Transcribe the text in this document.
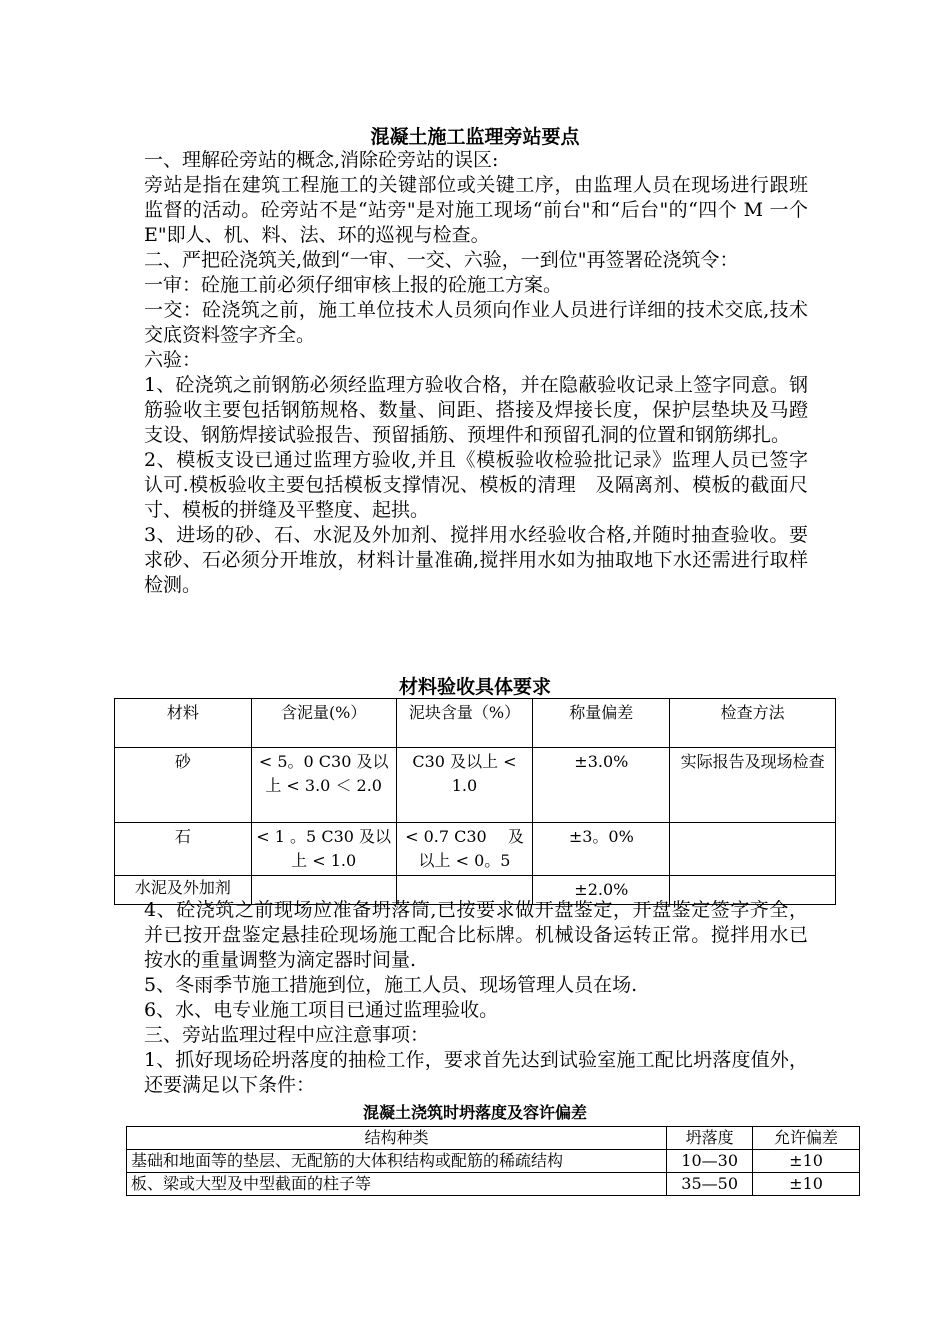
混凝土施工监理旁站要点

一、理解砼旁站的概念,消除砼旁站的误区:

旁站是指在建筑工程施工的关键部位或关键工序，由监理人员在现场进行跟班监督的活动。砼旁站不是“站旁"是对施工现场“前台"和“后台"的“四个 M 一个 E"即人、机、料、法、环的巡视与检查。

二、严把砼浇筑关,做到“一审、一交、六验，一到位"再签署砼浇筑令：

一审：砼施工前必须仔细审核上报的砼施工方案。

一交：砼浇筑之前，施工单位技术人员须向作业人员进行详细的技术交底,技术交底资料签字齐全。

六验：

1、砼浇筑之前钢筋必须经监理方验收合格，并在隐蔽验收记录上签字同意。钢筋验收主要包括钢筋规格、数量、间距、搭接及焊接长度，保护层垫块及马蹬支设、钢筋焊接试验报告、预留插筋、预埋件和预留孔洞的位置和钢筋绑扎。

2、模板支设已通过监理方验收,并且《模板验收检验批记录》监理人员已签字认可.模板验收主要包括模板支撑情况、模板的清理　及隔离剂、模板的截面尺寸、模板的拼缝及平整度、起拱。

3、进场的砂、石、水泥及外加剂、搅拌用水经验收合格,并随时抽查验收。要求砂、石必须分开堆放，材料计量准确,搅拌用水如为抽取地下水还需进行取样检测。

材料验收具体要求
材料	含泥量(%）	泥块含量（%）	称量偏差	检查方法
砂	< 5。0 C30 及以上 < 3.0 ＜ 2.0	C30 及以上 < 1.0	±3.0%	实际报告及现场检查
石	< 1 。5 C30 及以上 < 1.0	< 0.7 C30　 及以上 < 0。5	±3。0%	
水泥及外加剂			±2.0%	

4、砼浇筑之前现场应准备坍落筒,已按要求做开盘鉴定，开盘鉴定签字齐全，并已按开盘鉴定悬挂砼现场施工配合比标牌。机械设备运转正常。搅拌用水已按水的重量调整为滴定器时间量.

5、冬雨季节施工措施到位，施工人员、现场管理人员在场.

6、水、电专业施工项目已通过监理验收。

三、旁站监理过程中应注意事项：

1、抓好现场砼坍落度的抽检工作，要求首先达到试验室施工配比坍落度值外，还要满足以下条件：

混凝土浇筑时坍落度及容许偏差
结构种类	坍落度	允许偏差
基础和地面等的垫层、无配筋的大体积结构或配筋的稀疏结构	10—30	±10
板、梁或大型及中型截面的柱子等	35—50	±10
